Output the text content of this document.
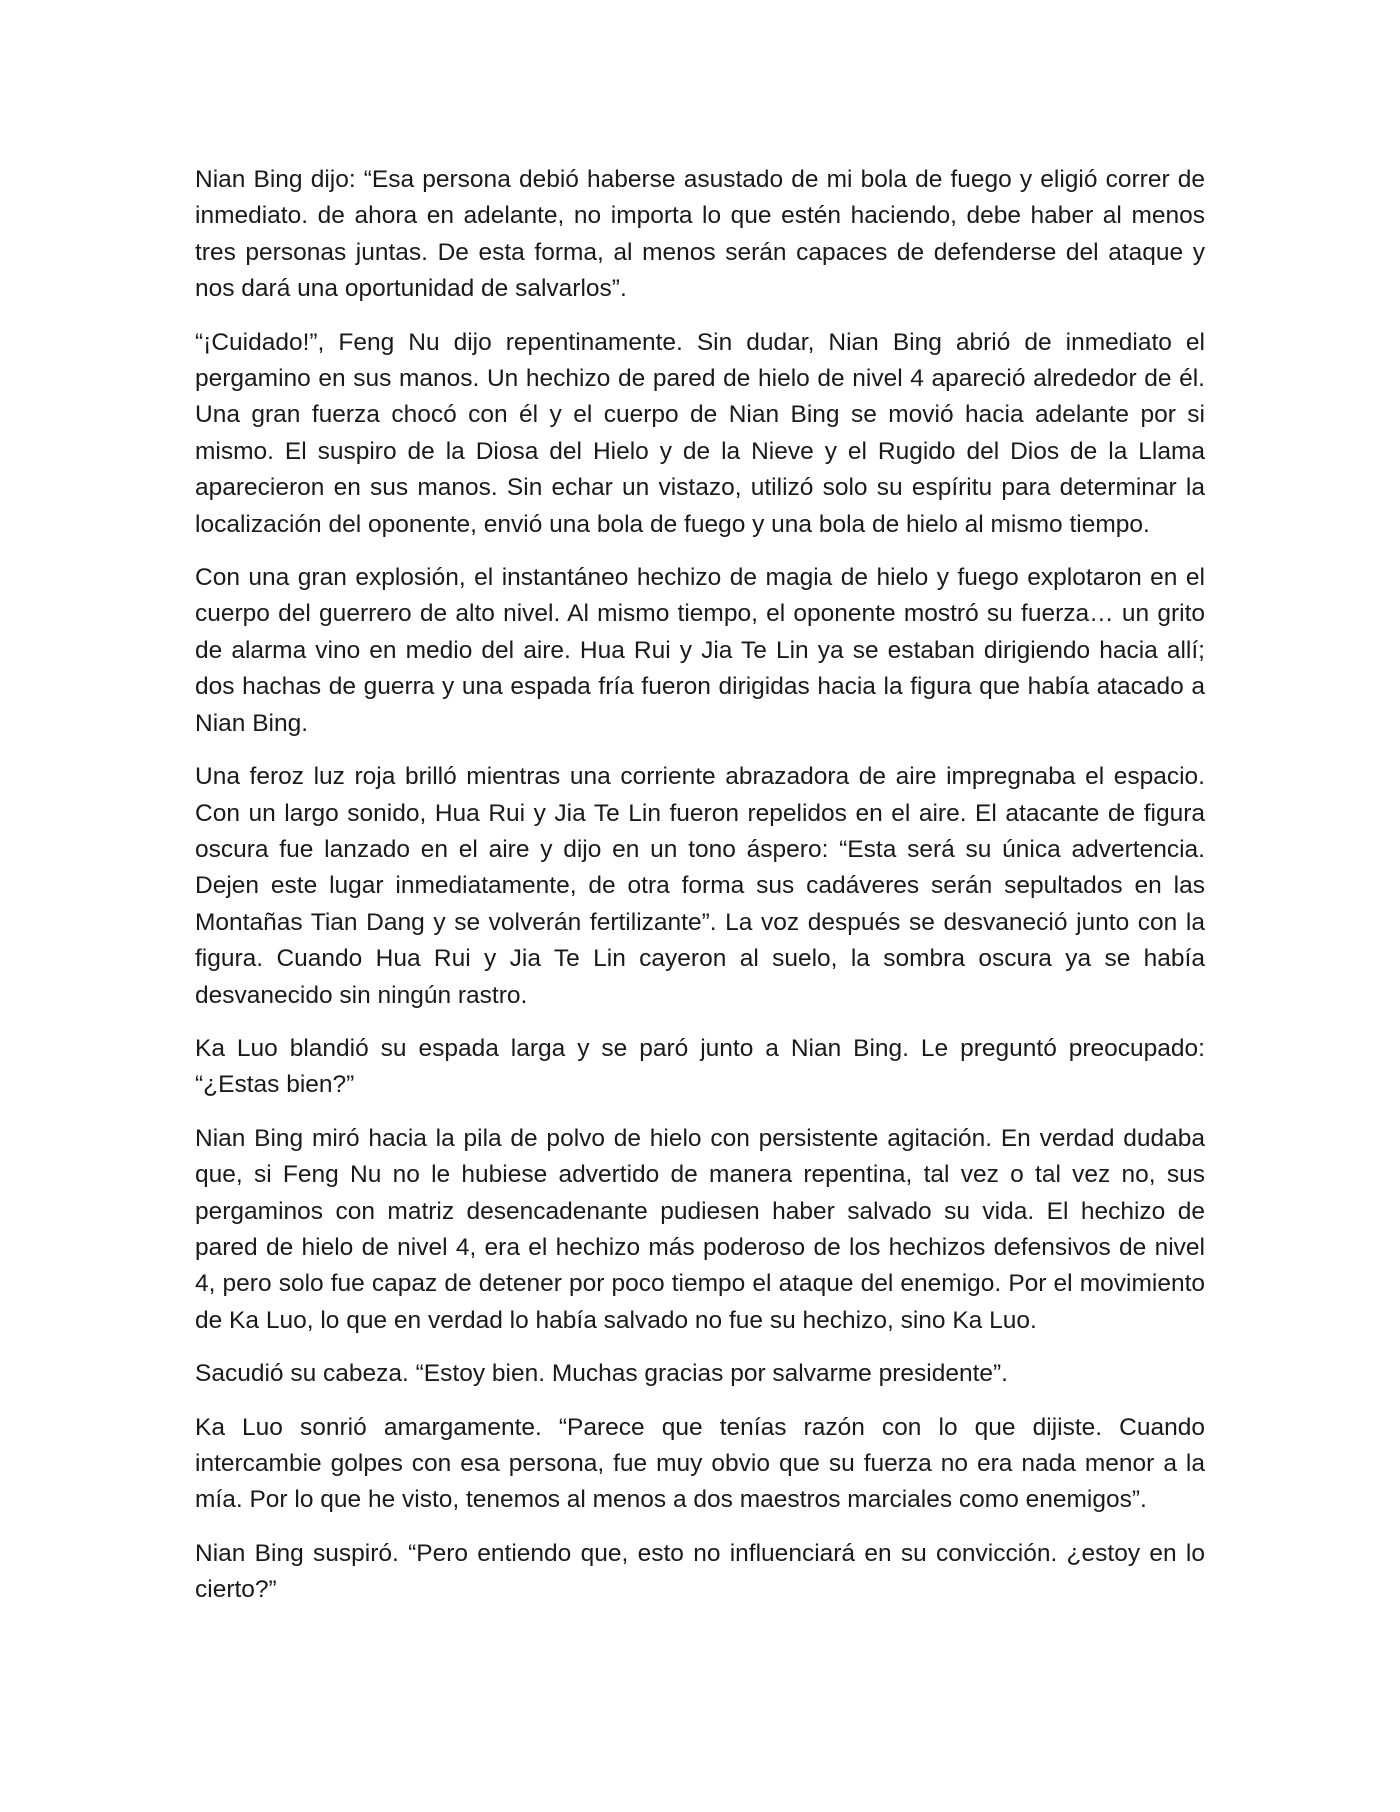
Nian Bing dijo: “Esa persona debió haberse asustado de mi bola de fuego y eligió correr de inmediato. de ahora en adelante, no importa lo que estén haciendo, debe haber al menos tres personas juntas. De esta forma, al menos serán capaces de defenderse del ataque y nos dará una oportunidad de salvarlos”.

“¡Cuidado!”, Feng Nu dijo repentinamente. Sin dudar, Nian Bing abrió de inmediato el pergamino en sus manos. Un hechizo de pared de hielo de nivel 4 apareció alrededor de él. Una gran fuerza chocó con él y el cuerpo de Nian Bing se movió hacia adelante por si mismo. El suspiro de la Diosa del Hielo y de la Nieve y el Rugido del Dios de la Llama aparecieron en sus manos. Sin echar un vistazo, utilizó solo su espíritu para determinar la localización del oponente, envió una bola de fuego y una bola de hielo al mismo tiempo.

Con una gran explosión, el instantáneo hechizo de magia de hielo y fuego explotaron en el cuerpo del guerrero de alto nivel. Al mismo tiempo, el oponente mostró su fuerza… un grito de alarma vino en medio del aire. Hua Rui y Jia Te Lin ya se estaban dirigiendo hacia allí; dos hachas de guerra y una espada fría fueron dirigidas hacia la figura que había atacado a Nian Bing.

Una feroz luz roja brilló mientras una corriente abrazadora de aire impregnaba el espacio. Con un largo sonido, Hua Rui y Jia Te Lin fueron repelidos en el aire. El atacante de figura oscura fue lanzado en el aire y dijo en un tono áspero: “Esta será su única advertencia. Dejen este lugar inmediatamente, de otra forma sus cadáveres serán sepultados en las Montañas Tian Dang y se volverán fertilizante”. La voz después se desvaneció junto con la figura. Cuando Hua Rui y Jia Te Lin cayeron al suelo, la sombra oscura ya se había desvanecido sin ningún rastro.

Ka Luo blandió su espada larga y se paró junto a Nian Bing. Le preguntó preocupado: “¿Estas bien?”

Nian Bing miró hacia la pila de polvo de hielo con persistente agitación. En verdad dudaba que, si Feng Nu no le hubiese advertido de manera repentina, tal vez o tal vez no, sus pergaminos con matriz desencadenante pudiesen haber salvado su vida. El hechizo de pared de hielo de nivel 4, era el hechizo más poderoso de los hechizos defensivos de nivel 4, pero solo fue capaz de detener por poco tiempo el ataque del enemigo. Por el movimiento de Ka Luo, lo que en verdad lo había salvado no fue su hechizo, sino Ka Luo.

Sacudió su cabeza. “Estoy bien. Muchas gracias por salvarme presidente”.

Ka Luo sonrió amargamente. “Parece que tenías razón con lo que dijiste. Cuando intercambie golpes con esa persona, fue muy obvio que su fuerza no era nada menor a la mía. Por lo que he visto, tenemos al menos a dos maestros marciales como enemigos”.

Nian Bing suspiró. “Pero entiendo que, esto no influenciará en su convicción. ¿estoy en lo cierto?”
